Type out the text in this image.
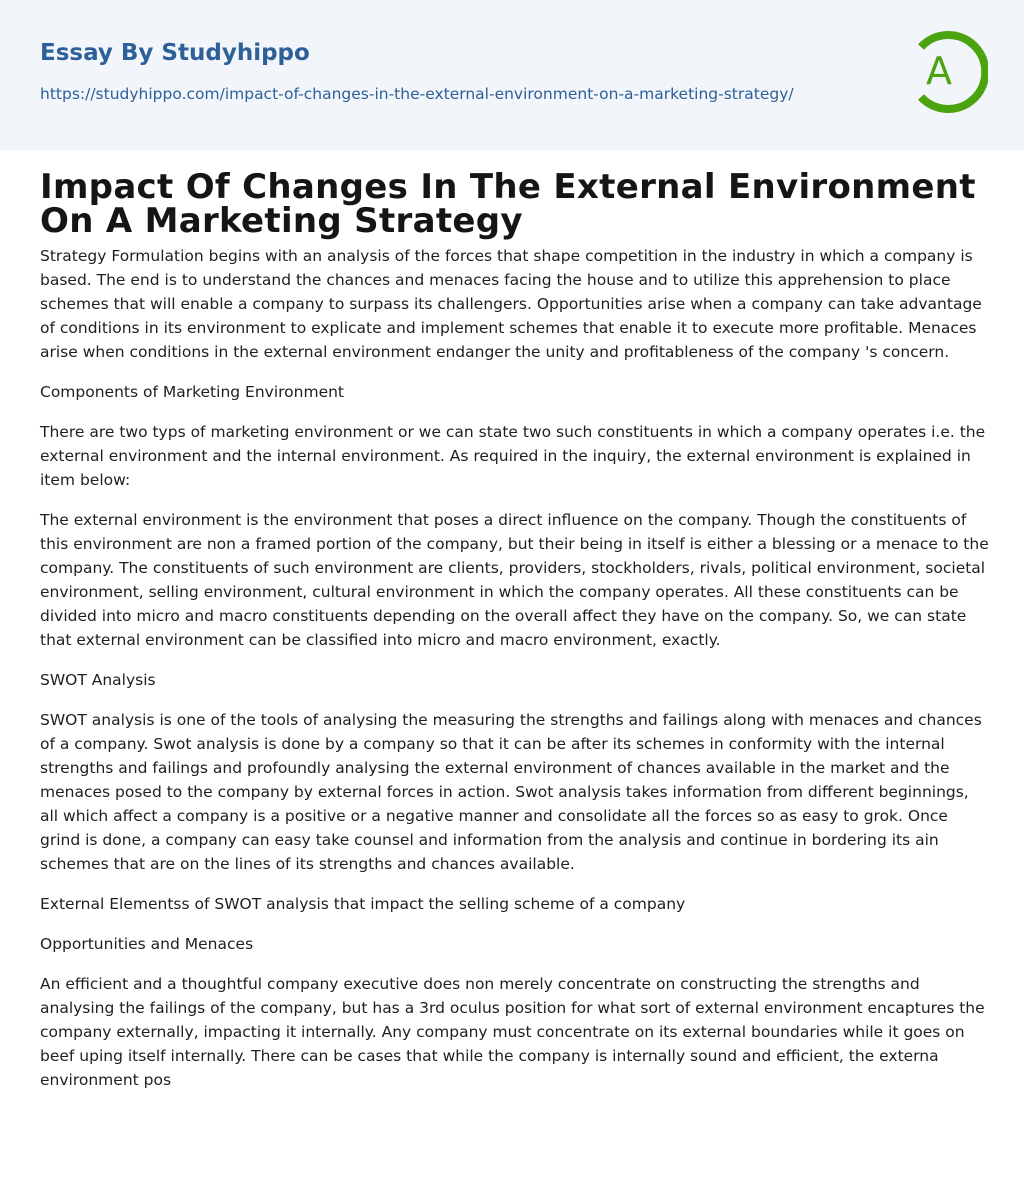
Essay By Studyhippo
https://studyhippo.com/impact-of-changes-in-the-external-environment-on-a-marketing-strategy/
A
Impact Of Changes In The External Environment On A Marketing Strategy

Strategy Formulation begins with an analysis of the forces that shape competition in the industry in which a company is based. The end is to understand the chances and menaces facing the house and to utilize this apprehension to place schemes that will enable a company to surpass its challengers. Opportunities arise when a company can take advantage of conditions in its environment to explicate and implement schemes that enable it to execute more profitable. Menaces arise when conditions in the external environment endanger the unity and profitableness of the company 's concern.

Components of Marketing Environment

There are two typs of marketing environment or we can state two such constituents in which a company operates i.e. the external environment and the internal environment. As required in the inquiry, the external environment is explained in item below:

The external environment is the environment that poses a direct influence on the company. Though the constituents of this environment are non a framed portion of the company, but their being in itself is either a blessing or a menace to the company. The constituents of such environment are clients, providers, stockholders, rivals, political environment, societal environment, selling environment, cultural environment in which the company operates. All these constituents can be divided into micro and macro constituents depending on the overall affect they have on the company. So, we can state that external environment can be classified into micro and macro environment, exactly.

SWOT Analysis

SWOT analysis is one of the tools of analysing the measuring the strengths and failings along with menaces and chances of a company. Swot analysis is done by a company so that it can be after its schemes in conformity with the internal strengths and failings and profoundly analysing the external environment of chances available in the market and the menaces posed to the company by external forces in action. Swot analysis takes information from different beginnings, all which affect a company is a positive or a negative manner and consolidate all the forces so as easy to grok. Once grind is done, a company can easy take counsel and information from the analysis and continue in bordering its ain schemes that are on the lines of its strengths and chances available.

External Elementss of SWOT analysis that impact the selling scheme of a company

Opportunities and Menaces

An efficient and a thoughtful company executive does non merely concentrate on constructing the strengths and analysing the failings of the company, but has a 3rd oculus position for what sort of external environment encaptures the company externally, impacting it internally. Any company must concentrate on its external boundaries while it goes on beef uping itself internally. There can be cases that while the company is internally sound and efficient, the externa environment pos
